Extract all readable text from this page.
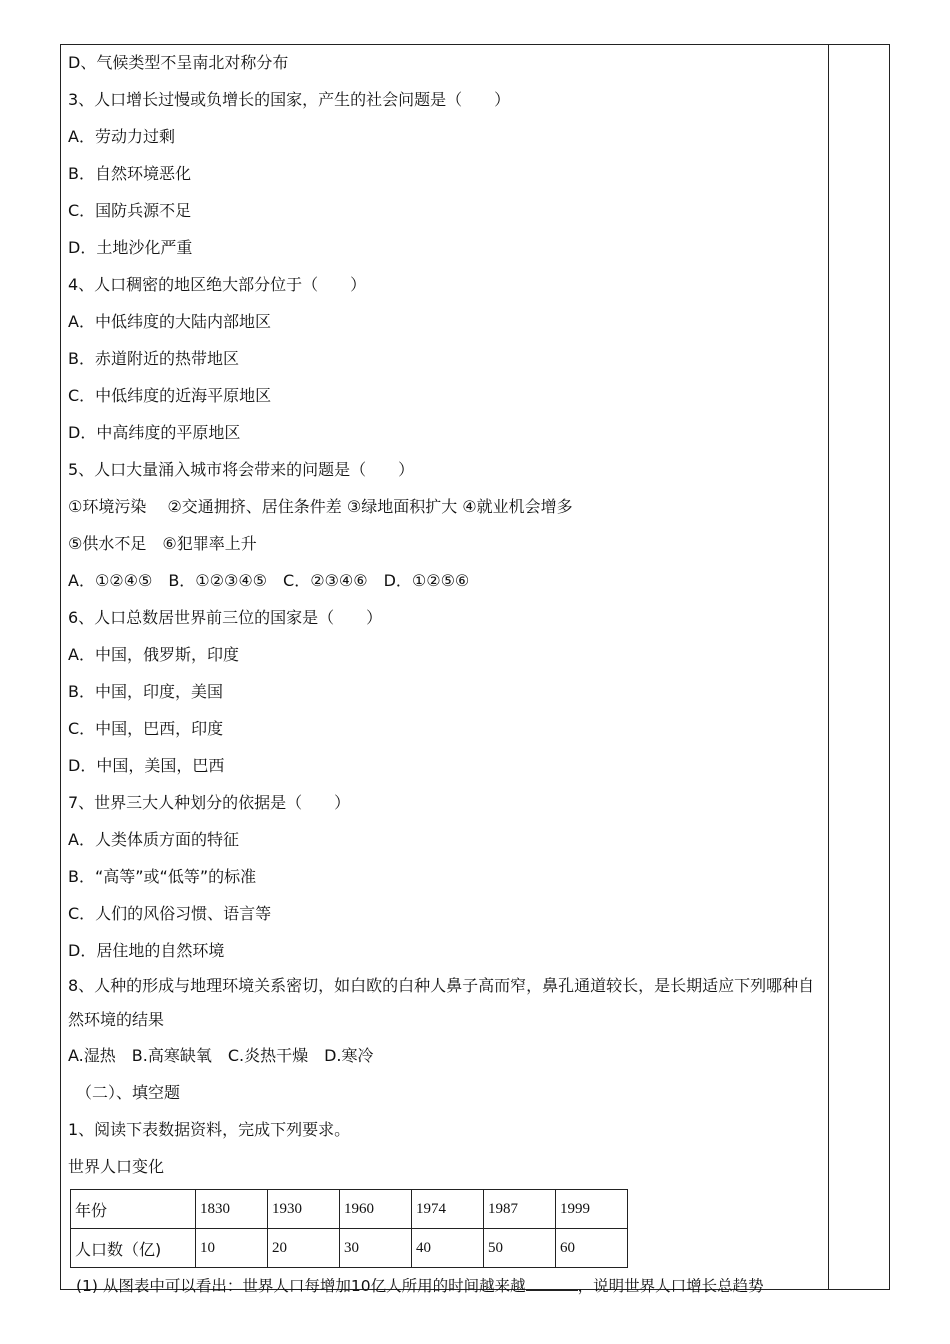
D、气候类型不呈南北对称分布
3、人口增长过慢或负增长的国家，产生的社会问题是（　　）
A．劳动力过剩
B．自然环境恶化
C．国防兵源不足
D．土地沙化严重
4、人口稠密的地区绝大部分位于（　　）
A．中低纬度的大陆内部地区
B．赤道附近的热带地区
C．中低纬度的近海平原地区
D．中高纬度的平原地区
5、人口大量涌入城市将会带来的问题是（　　）
①环境污染　 ②交通拥挤、居住条件差 ③绿地面积扩大 ④就业机会增多
⑤供水不足　⑥犯罪率上升
A．①②④⑤　B．①②③④⑤　C．②③④⑥　D．①②⑤⑥
6、人口总数居世界前三位的国家是（　　）
A．中国，俄罗斯，印度
B．中国，印度，美国
C．中国，巴西，印度
D．中国，美国，巴西
7、世界三大人种划分的依据是（　　）
A．人类体质方面的特征
B．“高等”或“低等”的标准
C．人们的风俗习惯、语言等
D．居住地的自然环境
8、人种的形成与地理环境关系密切，如白欧的白种人鼻子高而窄，鼻孔通道较长，是长期适应下列哪种自然环境的结果
A.湿热　B.高寒缺氧　C.炎热干燥　D.寒冷
（二）、填空题
1、阅读下表数据资料，完成下列要求。
世界人口变化
年份	1830	1930	1960	1974	1987	1999
人口数（亿)	10	20	30	40	50	60
(1) 从图表中可以看出：世界人口每增加10亿人所用的时间越来越	，说明世界人口增长总趋势
